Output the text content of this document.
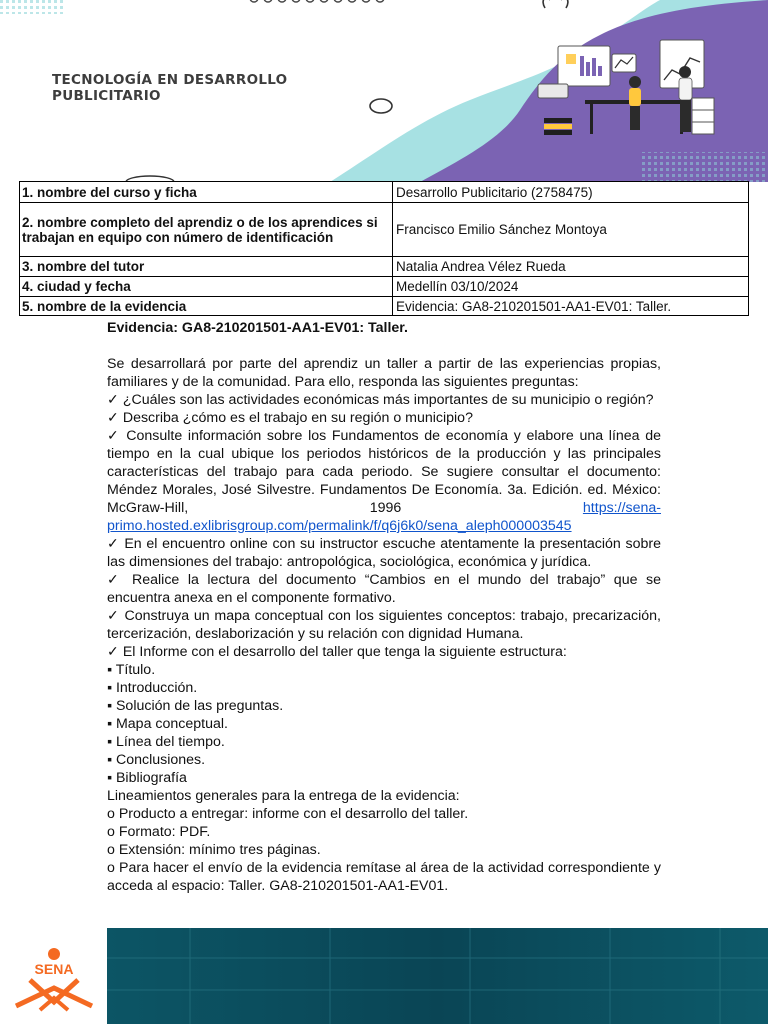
TECNOLOGÍA EN DESARROLLO PUBLICITARIO
1. nombre del curso y ficha	Desarrollo Publicitario (2758475)
2. nombre completo del aprendiz o de los aprendices si trabajan en equipo con número de identificación	Francisco Emilio Sánchez Montoya
3. nombre del tutor	Natalia Andrea Vélez Rueda
4. ciudad y fecha	Medellín 03/10/2024
5. nombre de la evidencia	Evidencia: GA8-210201501-AA1-EV01: Taller.

Evidencia: GA8-210201501-AA1-EV01: Taller.

Se desarrollará por parte del aprendiz un taller a partir de las experiencias propias, familiares y de la comunidad. Para ello, responda las siguientes preguntas:

✓ ¿Cuáles son las actividades económicas más importantes de su municipio o región?

✓ Describa ¿cómo es el trabajo en su región o municipio?

✓ Consulte información sobre los Fundamentos de economía y elabore una línea de tiempo en la cual ubique los periodos históricos de la producción y las principales características del trabajo para cada periodo. Se sugiere consultar el documento: Méndez Morales, José Silvestre. Fundamentos De Economía. 3a. Edición. ed. México: McGraw-Hill, 1996	https://sena-primo.hosted.exlibrisgroup.com/permalink/f/q6j6k0/sena_aleph000003545

✓ En el encuentro online con su instructor escuche atentamente la presentación sobre las dimensiones del trabajo: antropológica, sociológica, económica y jurídica.

✓ Realice la lectura del documento “Cambios en el mundo del trabajo” que se encuentra anexa en el componente formativo.

✓ Construya un mapa conceptual con los siguientes conceptos: trabajo, precarización, tercerización, deslaborización y su relación con dignidad Humana.

✓ El Informe con el desarrollo del taller que tenga la siguiente estructura:

▪ Título.

▪ Introducción.

▪ Solución de las preguntas.

▪ Mapa conceptual.

▪ Línea del tiempo.

▪ Conclusiones.

▪ Bibliografía

Lineamientos generales para la entrega de la evidencia:

o Producto a entregar: informe con el desarrollo del taller.

o Formato: PDF.

o Extensión: mínimo tres páginas.

o Para hacer el envío de la evidencia remítase al área de la actividad correspondiente y acceda al espacio: Taller. GA8-210201501-AA1-EV01.

SENA
